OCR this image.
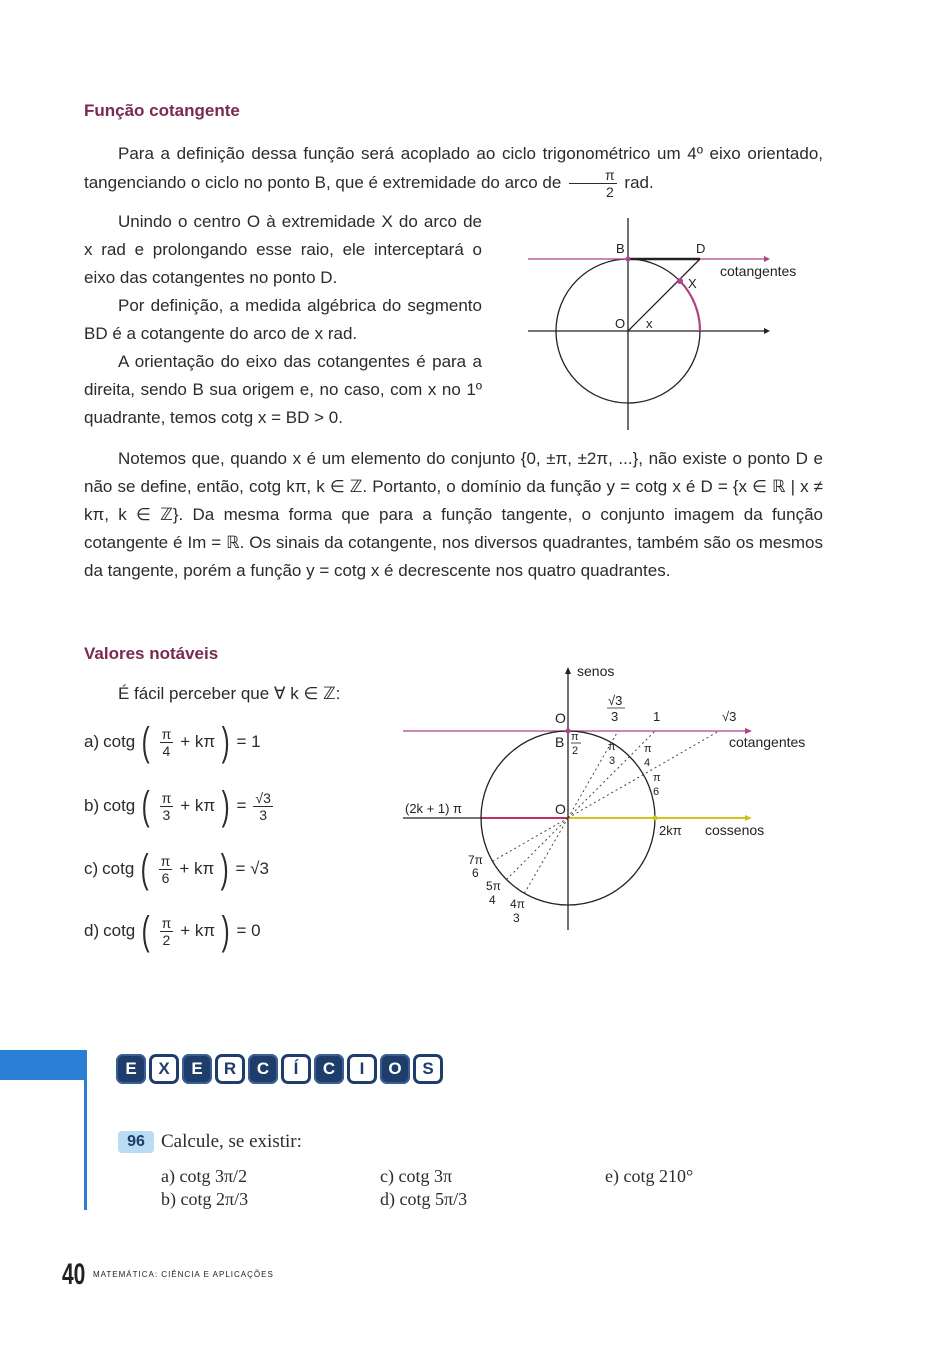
Função cotangente

Para a definição dessa função será acoplado ao ciclo trigonométrico um 4º eixo orientado, tangenciando o ciclo no ponto B, que é extremidade do arco de $\frac{\pi}{2}$ rad.

Unindo o centro O à extremidade X do arco de x rad e prolongando esse raio, ele interceptará o eixo das cotangentes no ponto D.

Por definição, a medida algébrica do segmento BD é a cotangente do arco de x rad.

A orientação do eixo das cotangentes é para a direita, sendo B sua origem e, no caso, com x no 1º quadrante, temos cotg x = BD > 0.

B	D
X
O x
cotangentes

Notemos que, quando x é um elemento do conjunto {0, ±π, ±2π, ...}, não existe o ponto D e não se define, então, cotg kπ, k ∈ ℤ. Portanto, o domínio da função y = cotg x é D = {x ∈ ℝ | x ≠ kπ, k ∈ ℤ}. Da mesma forma que para a função tangente, o conjunto imagem da função cotangente é Im = ℝ. Os sinais da cotangente, nos diversos quadrantes, também são os mesmos da tangente, porém a função y = cotg x é decrescente nos quatro quadrantes.

Valores notáveis
É fácil perceber que ∀ k ∈ ℤ:
a) cotg ( $\frac{\pi}{4} + k\pi$ ) = 1
b) cotg ( $\frac{\pi}{3} + k\pi$ ) = $\frac{√3}{3}$
c) cotg ( $\frac{\pi}{6} + k\pi$ ) = √3
d) cotg ( $\frac{\pi}{2} + k\pi$ ) = 0
senos
O
B π
2
√3
3	1	√3
π
3
π
4
π
6
cotangentes
O
(2k + 1) π
2kπ cossenos
7π
6
5π
4 4π
3
E	X	E	R	C	Í	C	I	O	S
96 Calcule, se existir:
a) cotg 3π/2
b) cotg 2π/3
c) cotg 3π
d) cotg 5π/3
e) cotg 210°
40 MATEMÁTICA: CIÊNCIA E APLICAÇÕES
